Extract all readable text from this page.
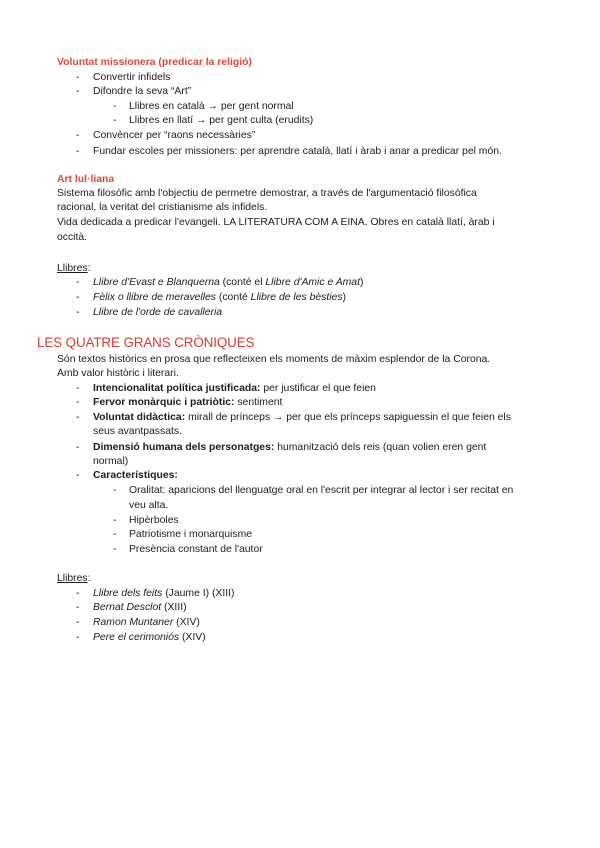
Voluntat missionera (predicar la religió)
- Convertir infidels
- Difondre la seva “Art”
- Llibres en català → per gent normal
- Llibres en llatí → per gent culta (erudits)
- Convèncer per “raons necessàries”
- Fundar escoles per missioners: per aprendre català, llatí i àrab i anar a predicar pel món.
Art lul·liana
Sistema filosòfic amb l'objectiu de permetre demostrar, a través de l'argumentació filosòfica
racional, la veritat del cristianisme als infidels.
Vida dedicada a predicar l'evangeli. LA LITERATURA COM A EINA. Obres en català llatí, àrab i
occità.
Llibres:
- Llibre d'Evast e Blanquerna (conté el Llibre d'Amic e Amat)
- Fèlix o llibre de meravelles (conté Llibre de les bèsties)
- Llibre de l'orde de cavalleria
LES QUATRE GRANS CRÒNIQUES
Són textos històrics en prosa que reflecteixen els moments de màxim esplendor de la Corona.
Amb valor històric i literari.
- Intencionalitat política justificada: per justificar el que feien
- Fervor monàrquic i patriòtic: sentiment
- Voluntat didàctica: mirall de prínceps → per que els prínceps sapiguessin el que feien els
seus avantpassats.
- Dimensió humana dels personatges: humanització dels reis (quan volien eren gent
normal)
- Característiques:
- Oralitat: aparicions del llenguatge oral en l'escrit per integrar al lector i ser recitat en
veu alta.
- Hipèrboles
- Patriotisme i monarquisme
- Presència constant de l'autor
Llibres:
- Llibre dels feits (Jaume I) (XIII)
- Bernat Desclot (XIII)
- Ramon Muntaner (XIV)
- Pere el cerimoniós (XIV)
